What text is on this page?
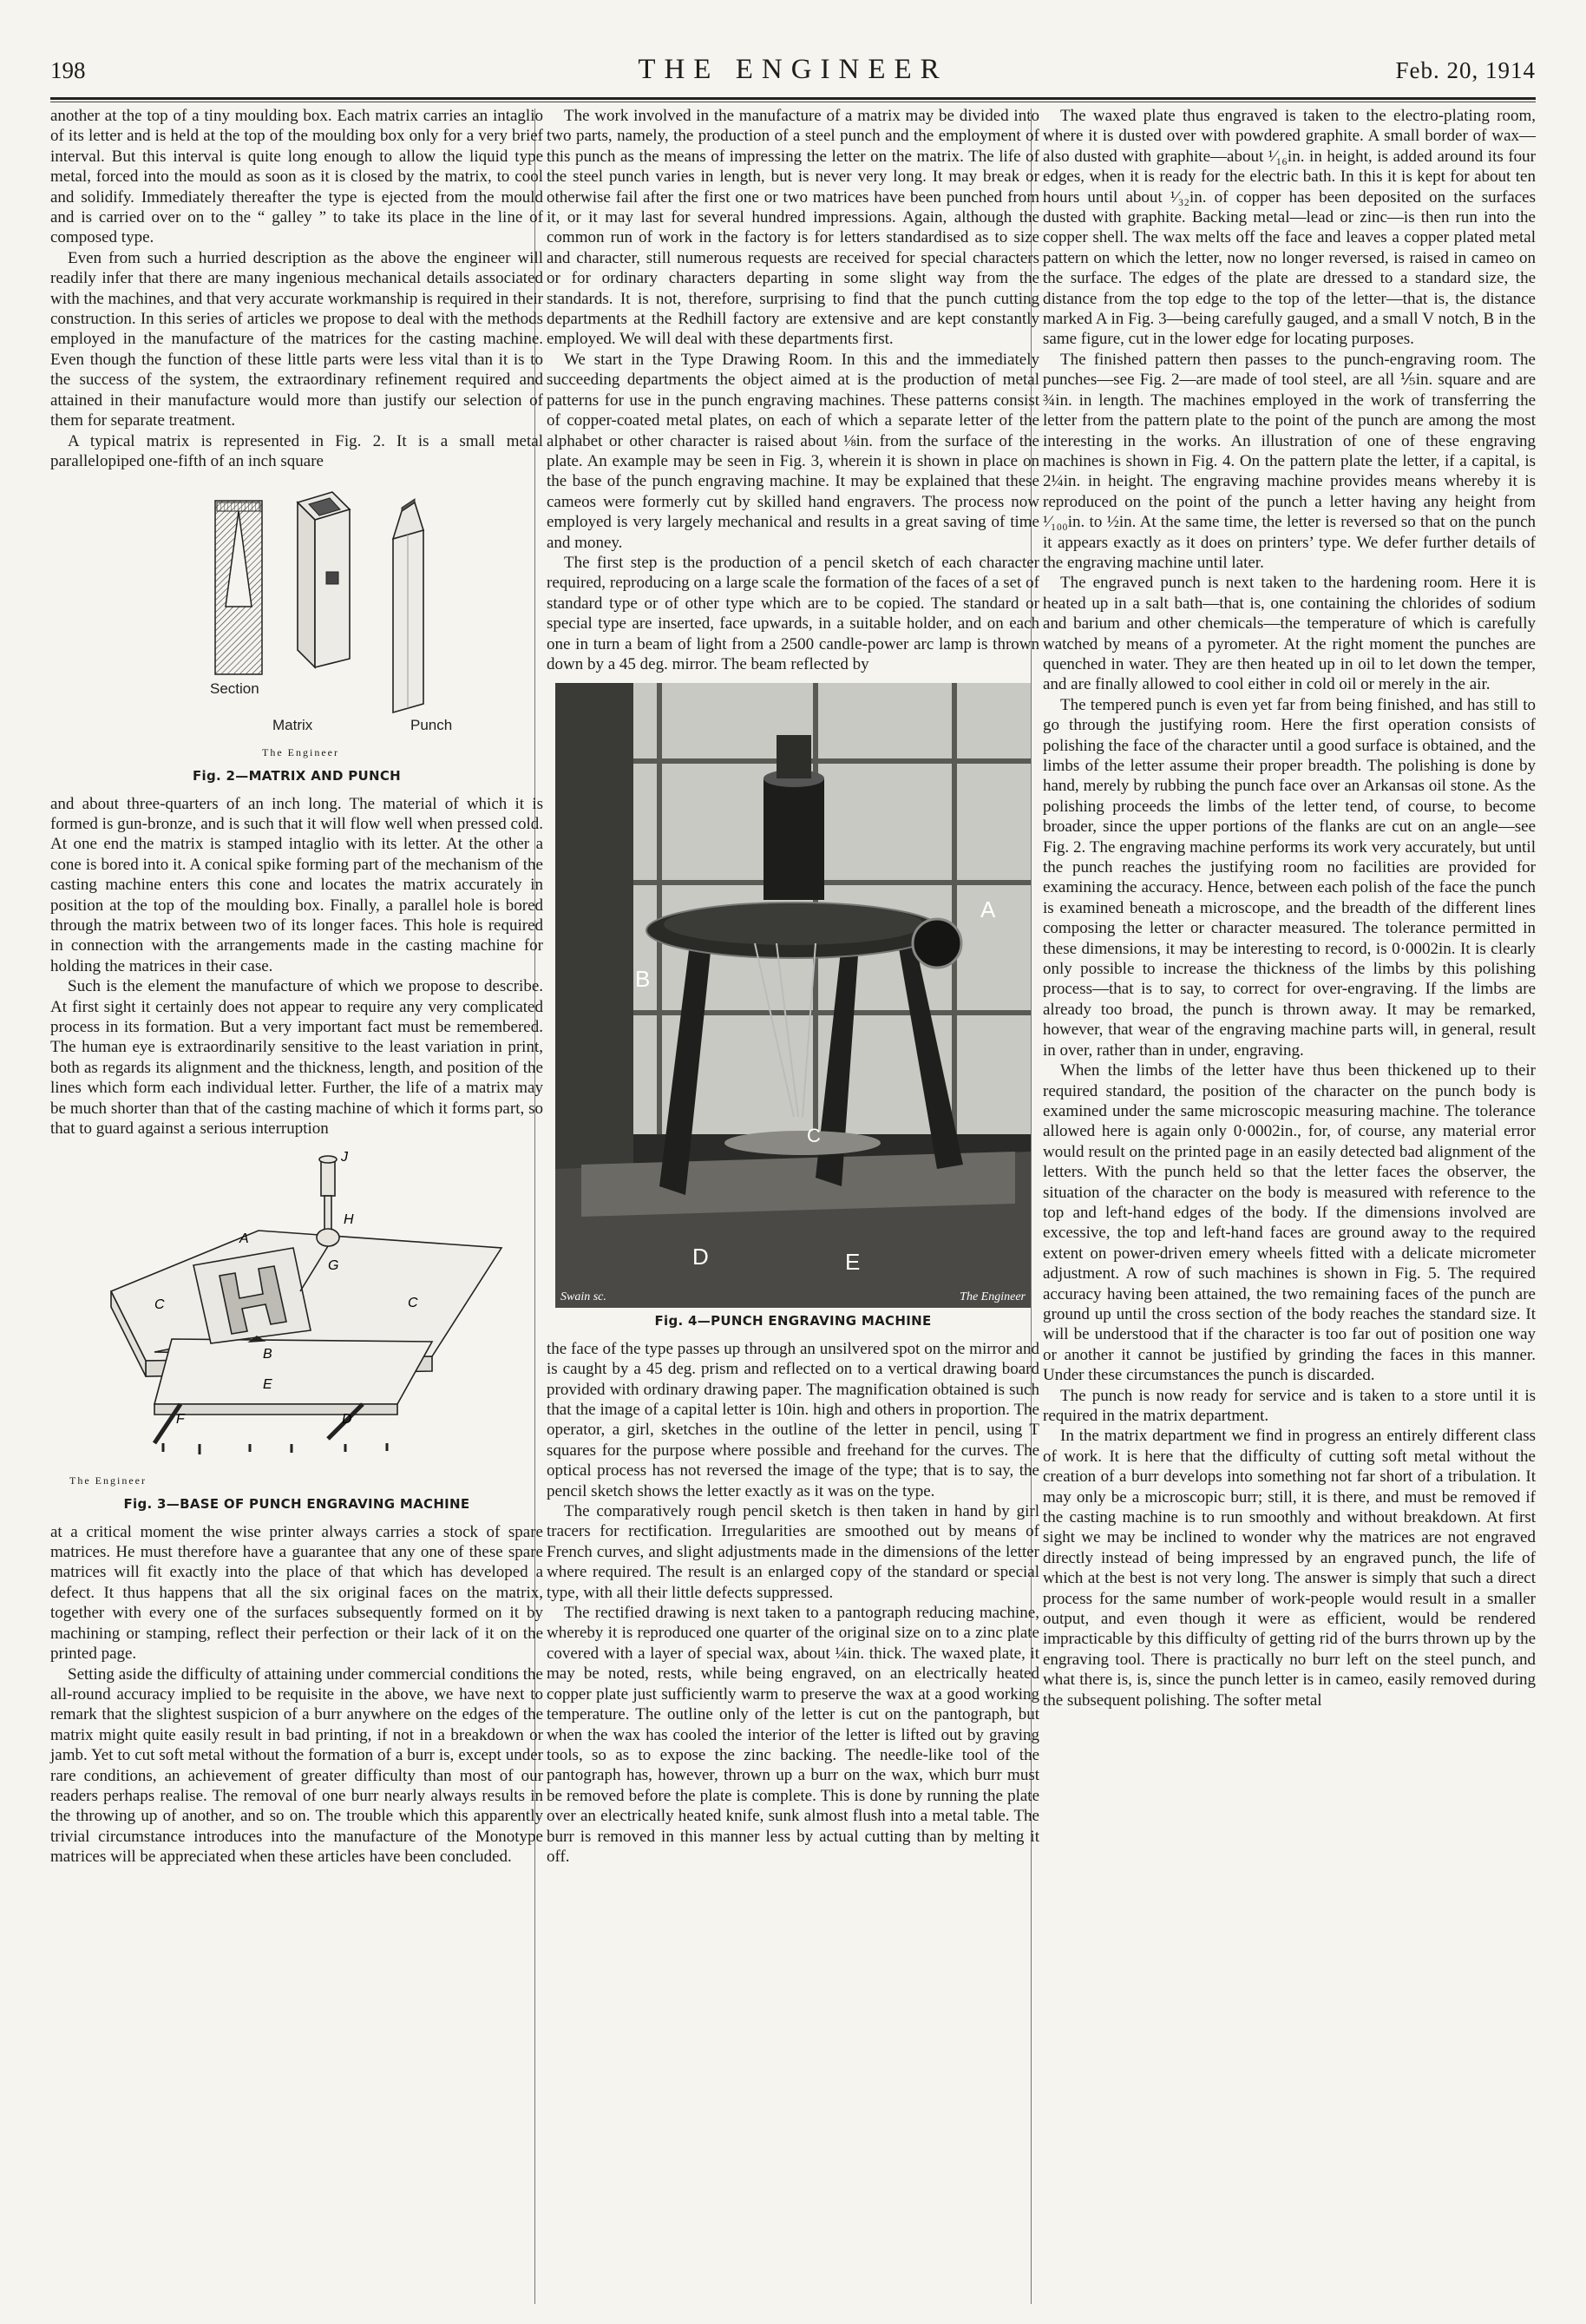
198	THE ENGINEER	Feb. 20, 1914

another at the top of a tiny moulding box. Each matrix carries an intaglio of its letter and is held at the top of the moulding box only for a very brief interval. But this interval is quite long enough to allow the liquid type metal, forced into the mould as soon as it is closed by the matrix, to cool and solidify. Immediately thereafter the type is ejected from the mould and is carried over on to the “ galley ” to take its place in the line of composed type.

Even from such a hurried description as the above the engineer will readily infer that there are many ingenious mechanical details associated with the machines, and that very accurate workmanship is required in their construction. In this series of articles we propose to deal with the methods employed in the manufacture of the matrices for the casting machine. Even though the function of these little parts were less vital than it is to the success of the system, the extraordinary refinement required and attained in their manufacture would more than justify our selection of them for separate treatment.

A typical matrix is represented in Fig. 2. It is a small metal parallelopiped one-fifth of an inch square

Section
Matrix	Punch
The Engineer
Fig. 2—MATRIX AND PUNCH

and about three-quarters of an inch long. The material of which it is formed is gun-bronze, and is such that it will flow well when pressed cold. At one end the matrix is stamped intaglio with its letter. At the other a cone is bored into it. A conical spike forming part of the mechanism of the casting machine enters this cone and locates the matrix accurately in position at the top of the moulding box. Finally, a parallel hole is bored through the matrix between two of its longer faces. This hole is required in connection with the arrangements made in the casting machine for holding the matrices in their case.

Such is the element the manufacture of which we propose to describe. At first sight it certainly does not appear to require any very complicated process in its formation. But a very important fact must be remembered. The human eye is extraordinarily sensitive to the least variation in print, both as regards its alignment and the thickness, length, and position of the lines which form each individual letter. Further, the life of a matrix may be much shorter than that of the casting machine of which it forms part, so that to guard against a serious interruption

J
H
A
G
C	C
B
E
F	D
The Engineer
Fig. 3—BASE OF PUNCH ENGRAVING MACHINE

at a critical moment the wise printer always carries a stock of spare matrices. He must therefore have a guarantee that any one of these spare matrices will fit exactly into the place of that which has developed a defect. It thus happens that all the six original faces on the matrix, together with every one of the surfaces subsequently formed on it by machining or stamping, reflect their perfection or their lack of it on the printed page.

Setting aside the difficulty of attaining under commercial conditions the all-round accuracy implied to be requisite in the above, we have next to remark that the slightest suspicion of a burr anywhere on the edges of the matrix might quite easily result in bad printing, if not in a breakdown or jamb. Yet to cut soft metal without the formation of a burr is, except under rare conditions, an achievement of greater difficulty than most of our readers perhaps realise. The removal of one burr nearly always results in the throwing up of another, and so on. The trouble which this apparently trivial circumstance introduces into the manufacture of the Monotype matrices will be appreciated when these articles have been concluded.

The work involved in the manufacture of a matrix may be divided into two parts, namely, the production of a steel punch and the employment of this punch as the means of impressing the letter on the matrix. The life of the steel punch varies in length, but is never very long. It may break or otherwise fail after the first one or two matrices have been punched from it, or it may last for several hundred impressions. Again, although the common run of work in the factory is for letters standardised as to size and character, still numerous requests are received for special characters or for ordinary characters departing in some slight way from the standards. It is not, therefore, surprising to find that the punch cutting departments at the Redhill factory are extensive and are kept constantly employed. We will deal with these departments first.

We start in the Type Drawing Room. In this and the immediately succeeding departments the object aimed at is the production of metal patterns for use in the punch engraving machines. These patterns consist of copper-coated metal plates, on each of which a separate letter of the alphabet or other character is raised about ⅛in. from the surface of the plate. An example may be seen in Fig. 3, wherein it is shown in place on the base of the punch engraving machine. It may be explained that these cameos were formerly cut by skilled hand engravers. The process now employed is very largely mechanical and results in a great saving of time and money.

The first step is the production of a pencil sketch of each character required, reproducing on a large scale the formation of the faces of a set of standard type or of other type which are to be copied. The standard or special type are inserted, face upwards, in a suitable holder, and on each one in turn a beam of light from a 2500 candle-power arc lamp is thrown down by a 45 deg. mirror. The beam reflected by

B
A
C
D	E
Swain sc.	The Engineer
Fig. 4—PUNCH ENGRAVING MACHINE

the face of the type passes up through an unsilvered spot on the mirror and is caught by a 45 deg. prism and reflected on to a vertical drawing board provided with ordinary drawing paper. The magnification obtained is such that the image of a capital letter is 10in. high and others in proportion. The operator, a girl, sketches in the outline of the letter in pencil, using T squares for the purpose where possible and freehand for the curves. The optical process has not reversed the image of the type; that is to say, the pencil sketch shows the letter exactly as it was on the type.

The comparatively rough pencil sketch is then taken in hand by girl tracers for rectification. Irregularities are smoothed out by means of French curves, and slight adjustments made in the dimensions of the letter where required. The result is an enlarged copy of the standard or special type, with all their little defects suppressed.

The rectified drawing is next taken to a pantograph reducing machine, whereby it is reproduced one quarter of the original size on to a zinc plate covered with a layer of special wax, about ¼in. thick. The waxed plate, it may be noted, rests, while being engraved, on an electrically heated copper plate just sufficiently warm to preserve the wax at a good working temperature. The outline only of the letter is cut on the pantograph, but when the wax has cooled the interior of the letter is lifted out by graving tools, so as to expose the zinc backing. The needle-like tool of the pantograph has, however, thrown up a burr on the wax, which burr must be removed before the plate is complete. This is done by running the plate over an electrically heated knife, sunk almost flush into a metal table. The burr is removed in this manner less by actual cutting than by melting it off.

The waxed plate thus engraved is taken to the electro-plating room, where it is dusted over with powdered graphite. A small border of wax—also dusted with graphite—about ¹⁄₁₆in. in height, is added around its four edges, when it is ready for the electric bath. In this it is kept for about ten hours until about ¹⁄₃₂in. of copper has been deposited on the surfaces dusted with graphite. Backing metal—lead or zinc—is then run into the copper shell. The wax melts off the face and leaves a copper plated metal pattern on which the letter, now no longer reversed, is raised in cameo on the surface. The edges of the plate are dressed to a standard size, the distance from the top edge to the top of the letter—that is, the distance marked A in Fig. 3—being carefully gauged, and a small V notch, B in the same figure, cut in the lower edge for locating purposes.

The finished pattern then passes to the punch-engraving room. The punches—see Fig. 2—are made of tool steel, are all ⅕in. square and are ¾in. in length. The machines employed in the work of transferring the letter from the pattern plate to the point of the punch are among the most interesting in the works. An illustration of one of these engraving machines is shown in Fig. 4. On the pattern plate the letter, if a capital, is 2¼in. in height. The engraving machine provides means whereby it is reproduced on the point of the punch a letter having any height from ¹⁄₁₀₀in. to ½in. At the same time, the letter is reversed so that on the punch it appears exactly as it does on printers’ type. We defer further details of the engraving machine until later.

The engraved punch is next taken to the hardening room. Here it is heated up in a salt bath—that is, one containing the chlorides of sodium and barium and other chemicals—the temperature of which is carefully watched by means of a pyrometer. At the right moment the punches are quenched in water. They are then heated up in oil to let down the temper, and are finally allowed to cool either in cold oil or merely in the air.

The tempered punch is even yet far from being finished, and has still to go through the justifying room. Here the first operation consists of polishing the face of the character until a good surface is obtained, and the limbs of the letter assume their proper breadth. The polishing is done by hand, merely by rubbing the punch face over an Arkansas oil stone. As the polishing proceeds the limbs of the letter tend, of course, to become broader, since the upper portions of the flanks are cut on an angle—see Fig. 2. The engraving machine performs its work very accurately, but until the punch reaches the justifying room no facilities are provided for examining the accuracy. Hence, between each polish of the face the punch is examined beneath a microscope, and the breadth of the different lines composing the letter or character measured. The tolerance permitted in these dimensions, it may be interesting to record, is 0·0002in. It is clearly only possible to increase the thickness of the limbs by this polishing process—that is to say, to correct for over-engraving. If the limbs are already too broad, the punch is thrown away. It may be remarked, however, that wear of the engraving machine parts will, in general, result in over, rather than in under, engraving.

When the limbs of the letter have thus been thickened up to their required standard, the position of the character on the punch body is examined under the same microscopic measuring machine. The tolerance allowed here is again only 0·0002in., for, of course, any material error would result on the printed page in an easily detected bad alignment of the letters. With the punch held so that the letter faces the observer, the situation of the character on the body is measured with reference to the top and left-hand edges of the body. If the dimensions involved are excessive, the top and left-hand faces are ground away to the required extent on power-driven emery wheels fitted with a delicate micrometer adjustment. A row of such machines is shown in Fig. 5. The required accuracy having been attained, the two remaining faces of the punch are ground up until the cross section of the body reaches the standard size. It will be understood that if the character is too far out of position one way or another it cannot be justified by grinding the faces in this manner. Under these circumstances the punch is discarded.

The punch is now ready for service and is taken to a store until it is required in the matrix department.

In the matrix department we find in progress an entirely different class of work. It is here that the difficulty of cutting soft metal without the creation of a burr develops into something not far short of a tribulation. It may only be a microscopic burr; still, it is there, and must be removed if the casting machine is to run smoothly and without breakdown. At first sight we may be inclined to wonder why the matrices are not engraved directly instead of being impressed by an engraved punch, the life of which at the best is not very long. The answer is simply that such a direct process for the same number of work-people would result in a smaller output, and even though it were as efficient, would be rendered impracticable by this difficulty of getting rid of the burrs thrown up by the engraving tool. There is practically no burr left on the steel punch, and what there is, is, since the punch letter is in cameo, easily removed during the subsequent polishing. The softer metal
